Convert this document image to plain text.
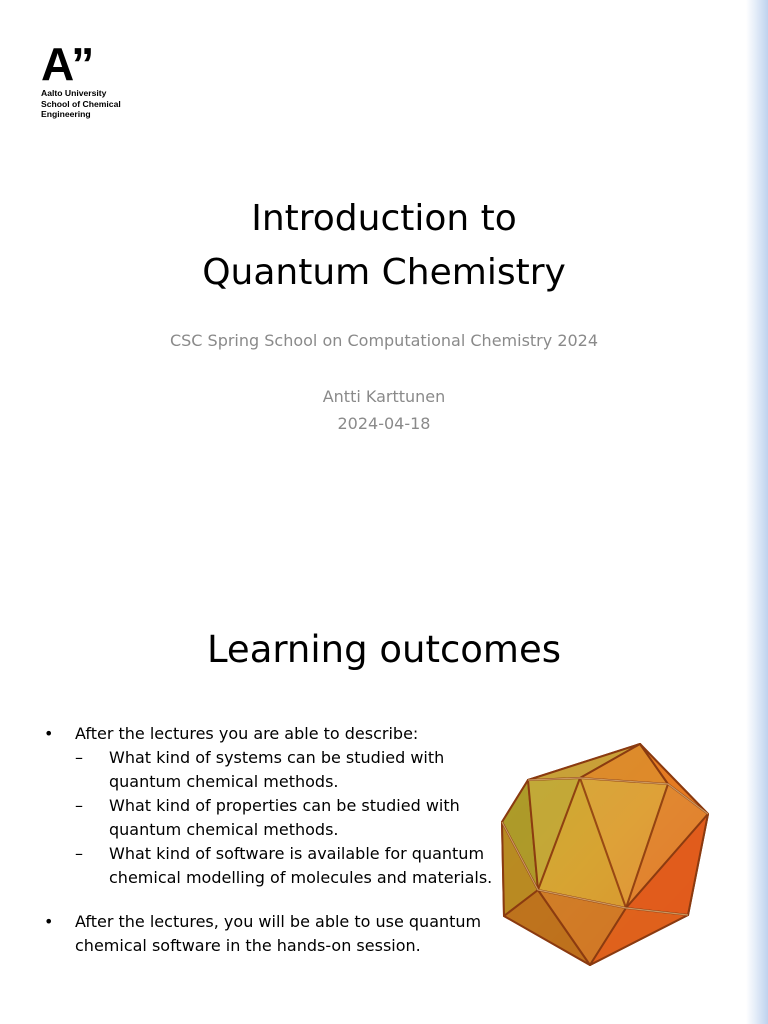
A”
Aalto University
School of Chemical
Engineering
Introduction to
Quantum Chemistry
CSC Spring School on Computational Chemistry 2024
Antti Karttunen
2024-04-18
Learning outcomes
•	After the lectures you are able to describe:
–	What kind of systems can be studied with
quantum chemical methods.
–	What kind of properties can be studied with
quantum chemical methods.
–	What kind of software is available for quantum
chemical modelling of molecules and materials.
•	After the lectures, you will be able to use quantum
chemical software in the hands-on session.
